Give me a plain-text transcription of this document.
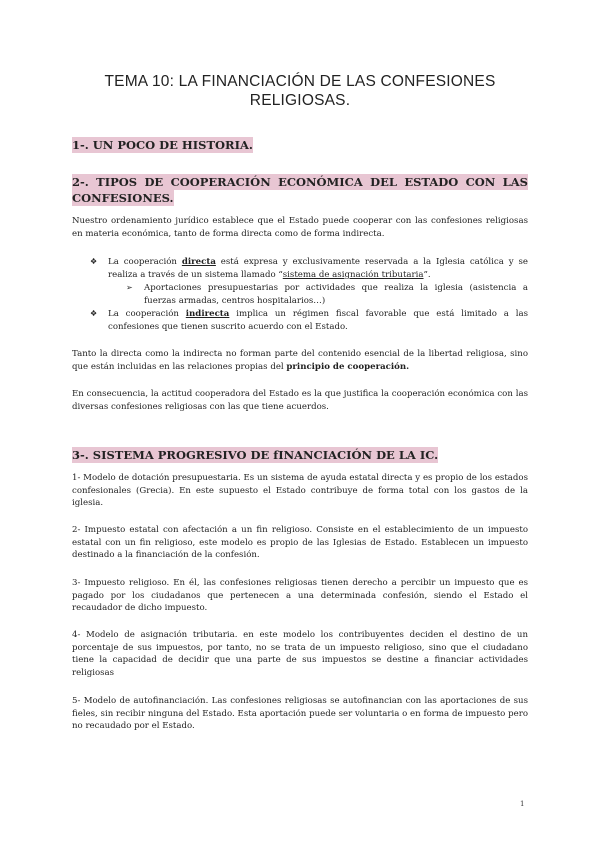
TEMA 10: LA FINANCIACIÓN DE LAS CONFESIONES
RELIGIOSAS.
1-. UN POCO DE HISTORIA.
2-. TIPOS DE COOPERACIÓN ECONÓMICA DEL ESTADO CON LAS
CONFESIONES.
Nuestro ordenamiento jurídico establece que el Estado puede cooperar con las confesiones religiosas en materia económica, tanto de forma directa como de forma indirecta.
❖ La cooperación directa está expresa y exclusivamente reservada a la Iglesia católica y se realiza a través de un sistema llamado “sistema de asignación tributaria”.
➢ Aportaciones presupuestarias por actividades que realiza la iglesia (asistencia a fuerzas armadas, centros hospitalarios…)
❖ La cooperación indirecta implica un régimen fiscal favorable que está limitado a las confesiones que tienen suscrito acuerdo con el Estado.
Tanto la directa como la indirecta no forman parte del contenido esencial de la libertad religiosa, sino que están incluidas en las relaciones propias del principio de cooperación.
En consecuencia, la actitud cooperadora del Estado es la que justifica la cooperación económica con las diversas confesiones religiosas con las que tiene acuerdos.
3-. SISTEMA PROGRESIVO DE fINANCIACIÓN DE LA IC.
1- Modelo de dotación presupuestaria. Es un sistema de ayuda estatal directa y es propio de los estados confesionales (Grecia). En este supuesto el Estado contribuye de forma total con los gastos de la iglesia.
2- Impuesto estatal con afectación a un fin religioso. Consiste en el establecimiento de un impuesto estatal con un fin religioso, este modelo es propio de las Iglesias de Estado. Establecen un impuesto destinado a la financiación de la confesión.
3- Impuesto religioso. En él, las confesiones religiosas tienen derecho a percibir un impuesto que es pagado por los ciudadanos que pertenecen a una determinada confesión, siendo el Estado el recaudador de dicho impuesto.
4- Modelo de asignación tributaria. en este modelo los contribuyentes deciden el destino de un porcentaje de sus impuestos, por tanto, no se trata de un impuesto religioso, sino que el ciudadano tiene la capacidad de decidir que una parte de sus impuestos se destine a financiar actividades religiosas
5- Modelo de autofinanciación. Las confesiones religiosas se autofinancian con las aportaciones de sus fieles, sin recibir ninguna del Estado. Esta aportación puede ser voluntaria o en forma de impuesto pero no recaudado por el Estado.
1
